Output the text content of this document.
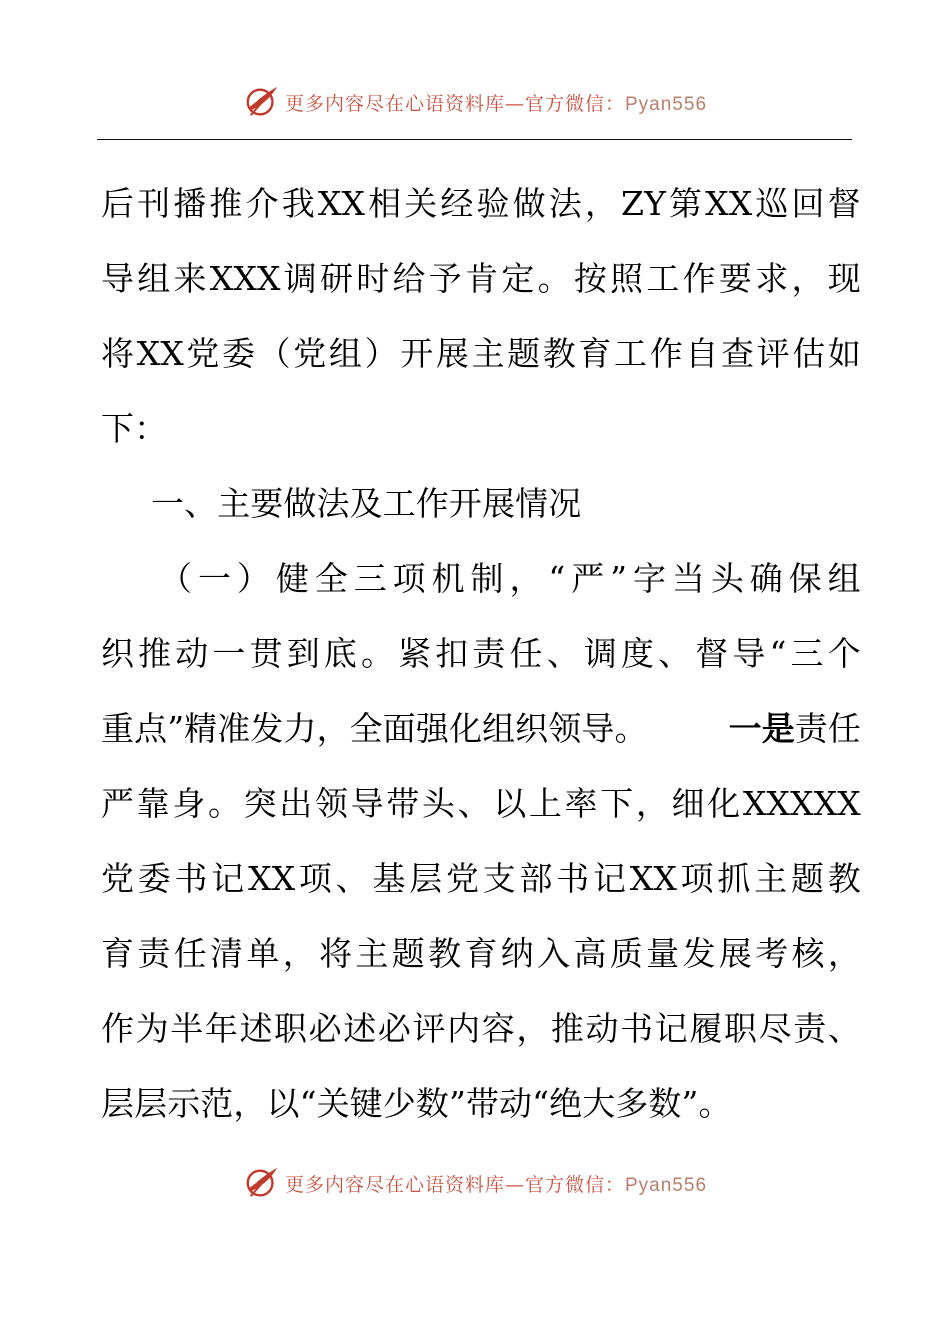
更多内容尽在心语资料库—官方微信：Pyan556
后 刊 播 推 介 我 XX 相 关 经 验 做 法 ， ZY 第 XX 巡 回 督
导 组 来 XXX 调 研 时 给 予 肯 定 。 按 照 工 作 要 求 ， 现
将 XX 党 委 （ 党 组 ） 开 展 主 题 教 育 工 作 自 查 评 估 如
下：
一、主要做法及工作开展情况
（ 一 ） 健 全 三 项 机 制 ， “ 严 ” 字 当 头 确 保 组
织 推 动 一 贯 到 底 。 紧 扣 责 任 、 调 度 、 督 导 “ 三 个
重点”精准发力，全面强化组织领导。 一是责任
严 靠 身 。 突 出 领 导 带 头 、 以 上 率 下 ， 细 化 XXXXX
党 委 书 记 XX 项 、 基 层 党 支 部 书 记 XX 项 抓 主 题 教
育 责 任 清 单 ， 将 主 题 教 育 纳 入 高 质 量 发 展 考 核 ，
作 为 半 年 述 职 必 述 必 评 内 容 ， 推 动 书 记 履 职 尽 责 、
层层示范，以“关键少数”带动“绝大多数”。
更多内容尽在心语资料库—官方微信：Pyan556
